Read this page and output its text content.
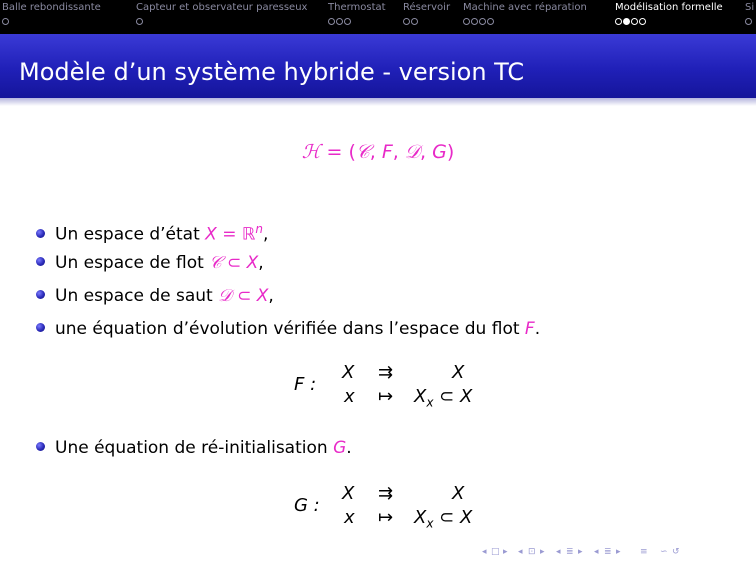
Balle rebondissante	Capteur et observateur paresseux Thermostat Réservoir Machine avec réparation	Modélisation formelle Si
Modèle d’un système hybride - version TC
ℋ = (𝒞, F, 𝒟, G)
Un espace d’état X = ℝ$^n$,
Un espace de flot 𝒞 ⊂ X,
Un espace de saut 𝒟 ⊂ X,
une équation d’évolution vérifiée dans l’espace du flot F.
F :
X ⇉	X
x ↦ $X_x$ ⊂ X
Une équation de ré-initialisation G.
G :
X ⇉	X
x ↦ $X_x$ ⊂ X
◂ □ ▸ ◂ ⊡ ▸ ◂ ≣ ▸ ◂ ≣ ▸ ≡ ∽ ↺
